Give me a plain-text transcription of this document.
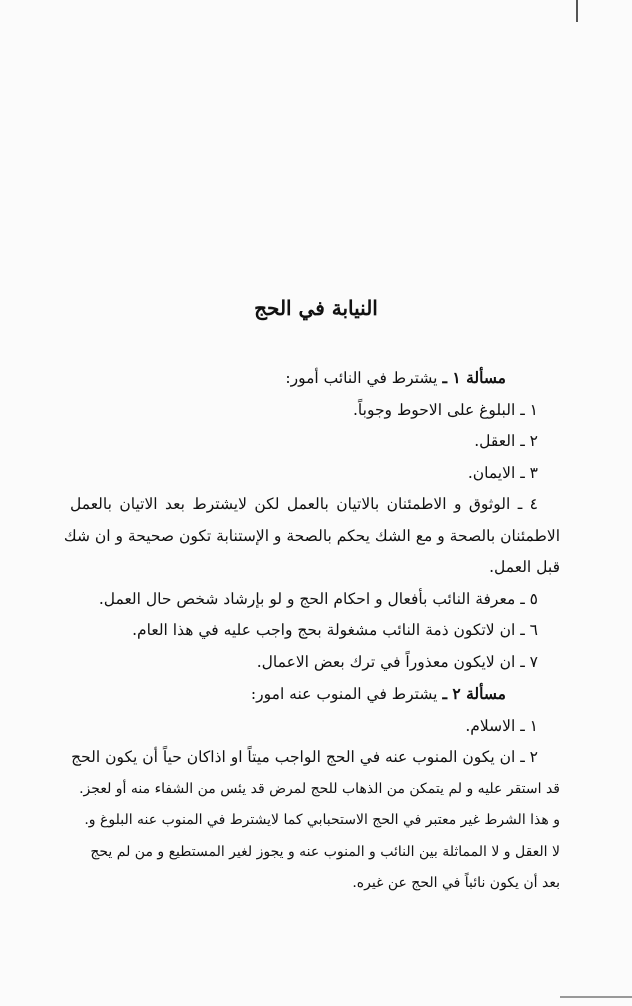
النيابة في الحج
مسألة ١ ـ يشترط في النائب أمور:
١ ـ البلوغ على الاحوط وجوباً.
٢ ـ العقل.
٣ ـ الايمان.
٤ ـ الوثوق و الاطمئنان بالاتيان بالعمل لكن لايشترط بعد الاتيان بالعمل
الاطمئنان بالصحة و مع الشك يحكم بالصحة و الإستنابة تكون صحيحة و ان شك
قبل العمل.
٥ ـ معرفة النائب بأفعال و احكام الحج و لو بإرشاد شخص حال العمل.
٦ ـ ان لاتكون ذمة النائب مشغولة بحج واجب عليه في هذا العام.
٧ ـ ان لايكون معذوراً في ترك بعض الاعمال.
مسألة ٢ ـ يشترط في المنوب عنه امور:
١ ـ الاسلام.
٢ ـ ان يكون المنوب عنه في الحج الواجب ميتاً او اذاكان حياً أن يكون الحج
قد استقر عليه و لم يتمكن من الذهاب للحج لمرض قد يئس من الشفاء منه أو لعجز.
و هذا الشرط غير معتبر في الحج الاستحبابي كما لايشترط في المنوب عنه البلوغ و.
لا العقل و لا المماثلة بين النائب و المنوب عنه و يجوز لغير المستطيع و من لم يحج
بعد أن يكون نائباً في الحج عن غيره.
